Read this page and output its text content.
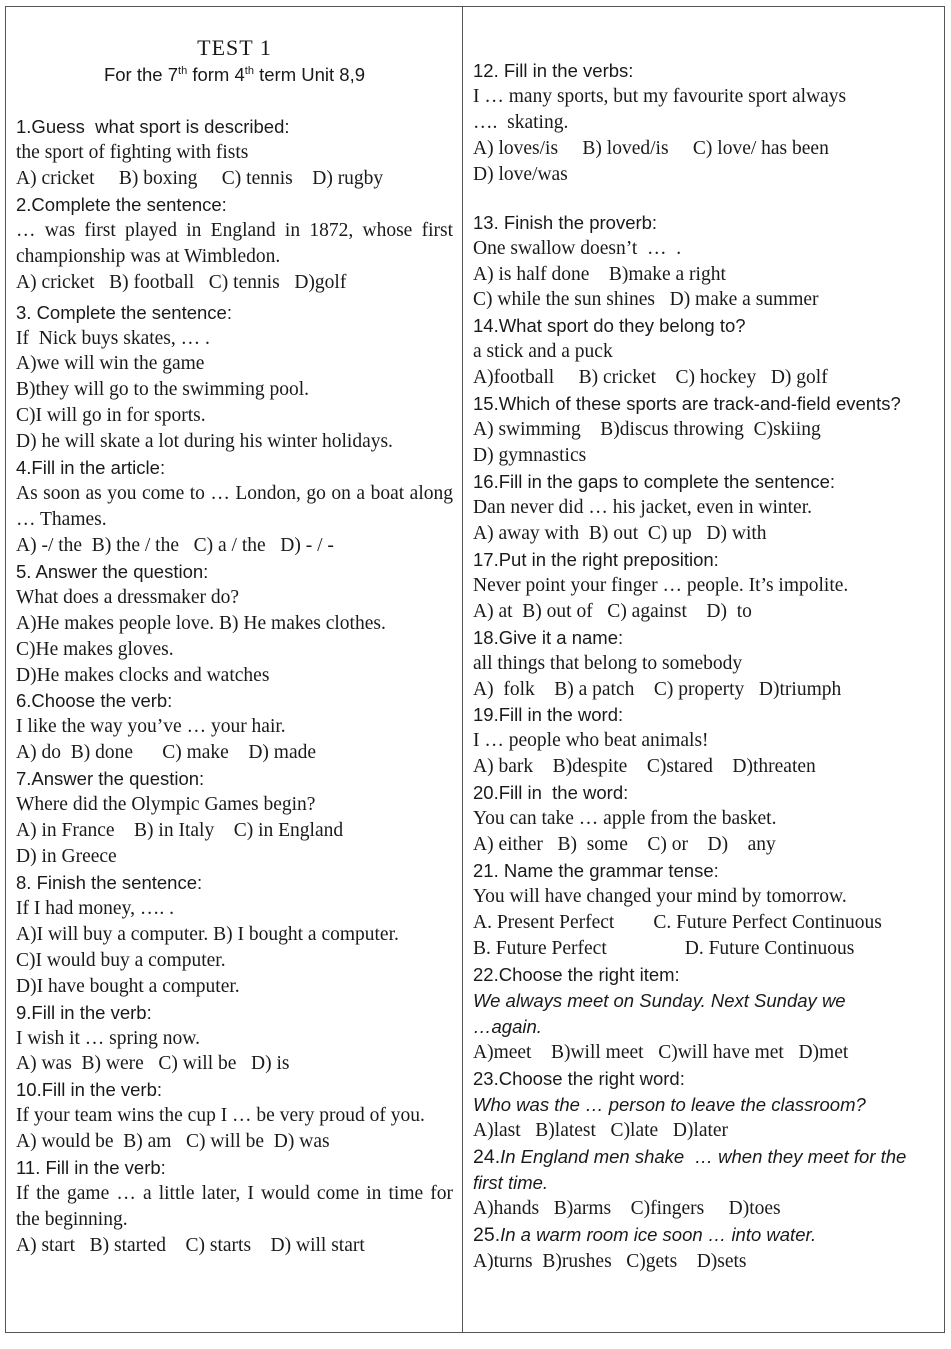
TEST 1
For the 7th form 4th term Unit 8,9
1.Guess  what sport is described:
the sport of fighting with fists
A) cricket     B) boxing     C) tennis    D) rugby
2.Complete the sentence:
… was first played in England in 1872, whose first championship was at Wimbledon.
A) cricket   B) football   C) tennis   D)golf
3. Complete the sentence:
If  Nick buys skates, … .
A)we will win the game
B)they will go to the swimming pool.
C)I will go in for sports.
D) he will skate a lot during his winter holidays.
4.Fill in the article:
As soon as you come to … London, go on a boat along … Thames.
A) -/ the  B) the / the   C) a / the   D) - / -
5. Answer the question:
What does a dressmaker do?
A)He makes people love. B) He makes clothes.
C)He makes gloves.
D)He makes clocks and watches
6.Choose the verb:
I like the way you’ve … your hair.
A) do  B) done      C) make    D) made
7.Answer the question:
Where did the Olympic Games begin?
A) in France    B) in Italy    C) in England
D) in Greece
8. Finish the sentence:
If I had money, …. .
A)I will buy a computer. B) I bought a computer.
C)I would buy a computer.
D)I have bought a computer.
9.Fill in the verb:
I wish it … spring now.
A) was  B) were   C) will be   D) is
10.Fill in the verb:
If your team wins the cup I … be very proud of you.
A) would be  B) am   C) will be  D) was
11. Fill in the verb:
If the game … a little later, I would come in time for the beginning.
A) start   B) started    C) starts    D) will start
12. Fill in the verbs:
I … many sports, but my favourite sport always
….  skating.
A) loves/is     B) loved/is     C) love/ has been
D) love/was
13. Finish the proverb:
One swallow doesn’t  …  .
A) is half done    B)make a right
C) while the sun shines   D) make a summer
14.What sport do they belong to?
a stick and a puck
A)football     B) cricket    C) hockey   D) golf
15.Which of these sports are track-and-field events?
A) swimming    B)discus throwing  C)skiing
D) gymnastics
16.Fill in the gaps to complete the sentence:
Dan never did … his jacket, even in winter.
A) away with  B) out  C) up   D) with
17.Put in the right preposition:
Never point your finger … people. It’s impolite.
A) at  B) out of   C) against    D)  to
18.Give it a name:
all things that belong to somebody
A)  folk    B) a patch    C) property   D)triumph
19.Fill in the word:
I … people who beat animals!
A) bark    B)despite    C)stared    D)threaten
20.Fill in  the word:
You can take … apple from the basket.
A) either   B)  some    C) or    D)    any
21. Name the grammar tense:
You will have changed your mind by tomorrow.
A. Present Perfect        C. Future Perfect Continuous
B. Future Perfect                D. Future Continuous
22.Choose the right item:
We always meet on Sunday. Next Sunday we
…again.
A)meet    B)will meet   C)will have met   D)met
23.Choose the right word:
Who was the … person to leave the classroom?
A)last   B)latest   C)late   D)later
24.In England men shake  … when they meet for the
first time.
A)hands   B)arms    C)fingers     D)toes
25.In a warm room ice soon … into water.
A)turns  B)rushes   C)gets    D)sets
